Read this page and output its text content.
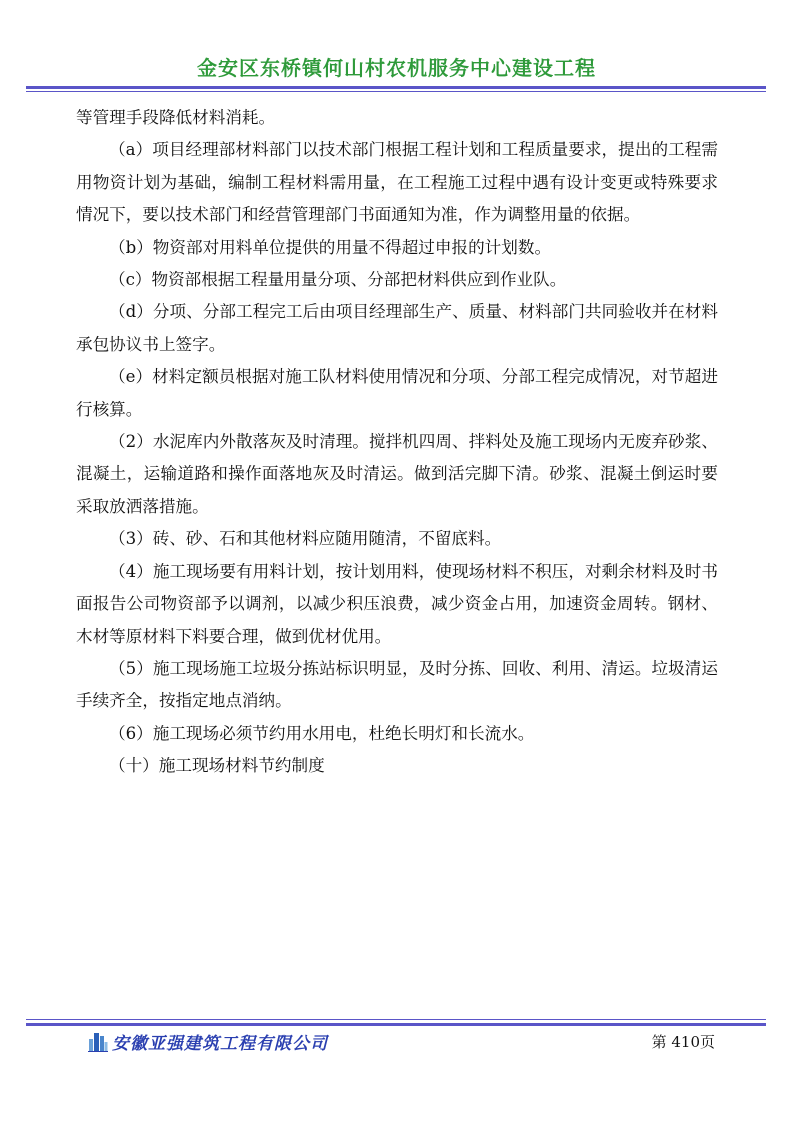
金安区东桥镇何山村农机服务中心建设工程

等管理手段降低材料消耗。

（a）项目经理部材料部门以技术部门根据工程计划和工程质量要求，提出的工程需用物资计划为基础，编制工程材料需用量，在工程施工过程中遇有设计变更或特殊要求情况下，要以技术部门和经营管理部门书面通知为准，作为调整用量的依据。

（b）物资部对用料单位提供的用量不得超过申报的计划数。

（c）物资部根据工程量用量分项、分部把材料供应到作业队。

（d）分项、分部工程完工后由项目经理部生产、质量、材料部门共同验收并在材料承包协议书上签字。

（e）材料定额员根据对施工队材料使用情况和分项、分部工程完成情况，对节超进行核算。

（2）水泥库内外散落灰及时清理。搅拌机四周、拌料处及施工现场内无废弃砂浆、混凝土，运输道路和操作面落地灰及时清运。做到活完脚下清。砂浆、混凝土倒运时要采取放洒落措施。

（3）砖、砂、石和其他材料应随用随清，不留底料。

（4）施工现场要有用料计划，按计划用料，使现场材料不积压，对剩余材料及时书面报告公司物资部予以调剂，以减少积压浪费，减少资金占用，加速资金周转。钢材、木材等原材料下料要合理，做到优材优用。

（5）施工现场施工垃圾分拣站标识明显，及时分拣、回收、利用、清运。垃圾清运手续齐全，按指定地点消纳。

（6）施工现场必须节约用水用电，杜绝长明灯和长流水。

（十）施工现场材料节约制度

安徽亚强建筑工程有限公司	第 410页
